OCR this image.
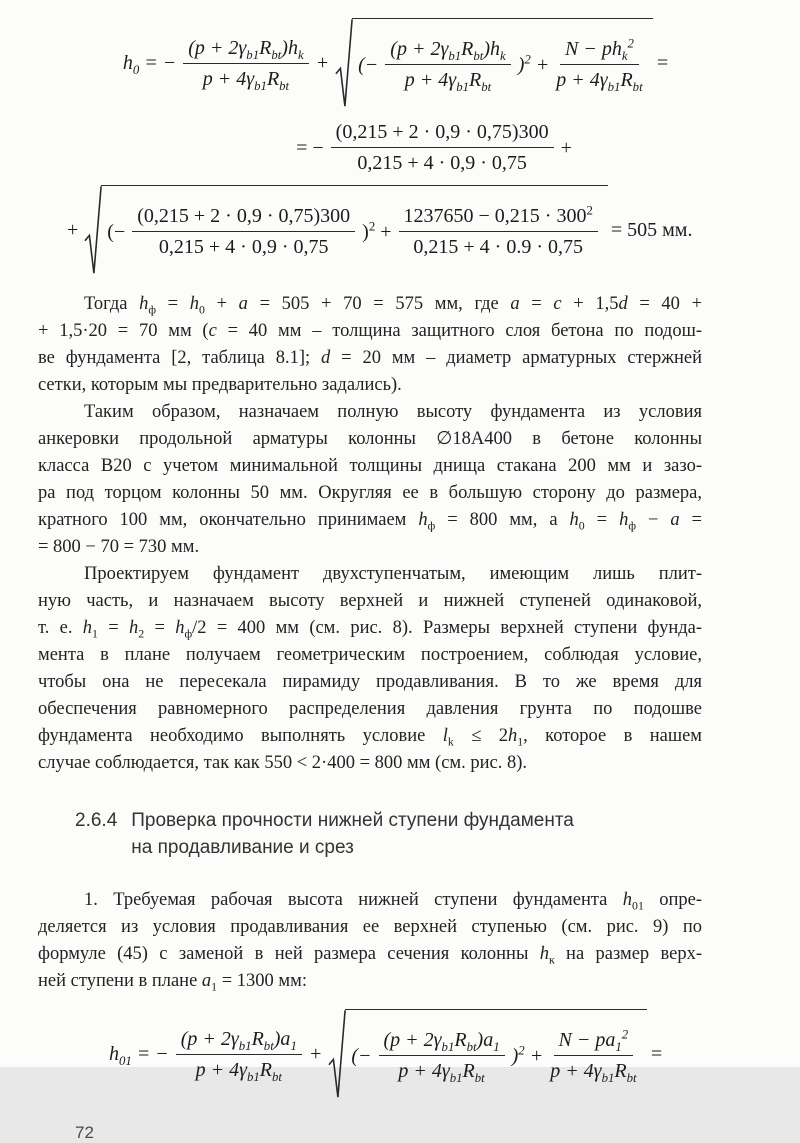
$h_0$ = − $\frac{(p + 2\gamma_{b1}R_{bt})h_k}{p + 4\gamma_{b1}R_{bt}}$ + (− $\frac{(p + 2\gamma_{b1}R_{bt})h_k}{p + 4\gamma_{b1}R_{bt}} )^2 + \frac{N - ph_k^2}{p + 4\gamma_{b1}R_{bt}}$ =
= − $\frac{(0,215 + 2 \cdot 0,9 \cdot 0,75)300}{0,215 + 4 \cdot 0,9 \cdot 0,75}$ +
+ (− $\frac{(0,215 + 2 \cdot 0,9 \cdot 0,75)300}{0,215 + 4 \cdot 0,9 \cdot 0,75} )^2 + \frac{1237650 - 0,215 \cdot 300^2}{0,215 + 4 \cdot 0.9 \cdot 0,75} = 505$ мм.
Тогда $h_ф = h_0 + a = 505 + 70 = 575$ мм, где a = c + 1,5d = 40 +
+ 1,5·20 = 70 мм (c = 40 мм – толщина защитного слоя бетона по подош-
ве фундамента [2, таблица 8.1]; d = 20 мм – диаметр арматурных стержней
сетки, которым мы предварительно задались).
Таким образом, назначаем полную высоту фундамента из условия
анкеровки продольной арматуры колонны ∅18А400 в бетоне колонны
класса В20 с учетом минимальной толщины днища стакана 200 мм и зазо-
ра под торцом колонны 50 мм. Округляя ее в большую сторону до размера,
кратного 100 мм, окончательно принимаем $h_ф = 800$ мм, а $h_0 = h_ф - a$ =
= 800 − 70 = 730 мм.
Проектируем фундамент двухступенчатым, имеющим лишь плит-
ную часть, и назначаем высоту верхней и нижней ступеней одинаковой,
т. е. $h_1 = h_2 = h_ф/2 = 400$ мм (см. рис. 8). Размеры верхней ступени фунда-
мента в плане получаем геометрическим построением, соблюдая условие,
чтобы она не пересекала пирамиду продавливания. В то же время для
обеспечения равномерного распределения давления грунта по подошве
фундамента необходимо выполнять условие $l_k \le 2h_1$, которое в нашем
случае соблюдается, так как 550 < 2·400 = 800 мм (см. рис. 8).
2.6.4 Проверка прочности нижней ступени фундамента
на продавливание и срез
1. Требуемая рабочая высота нижней ступени фундамента $h_{01}$ опре-
деляется из условия продавливания ее верхней ступенью (см. рис. 9) по
формуле (45) с заменой в ней размера сечения колонны $h_к$ на размер верх-
ней ступени в плане $a_1 = 1300$ мм:
$h_{01}$ = − $\frac{(p + 2\gamma_{b1}R_{bt})a_1}{p + 4\gamma_{b1}R_{bt}}$ + (− $\frac{(p + 2\gamma_{b1}R_{bt})a_1}{p + 4\gamma_{b1}R_{bt}} )^2 + \frac{N - pa_1^2}{p + 4\gamma_{b1}R_{bt}}$ =
72
